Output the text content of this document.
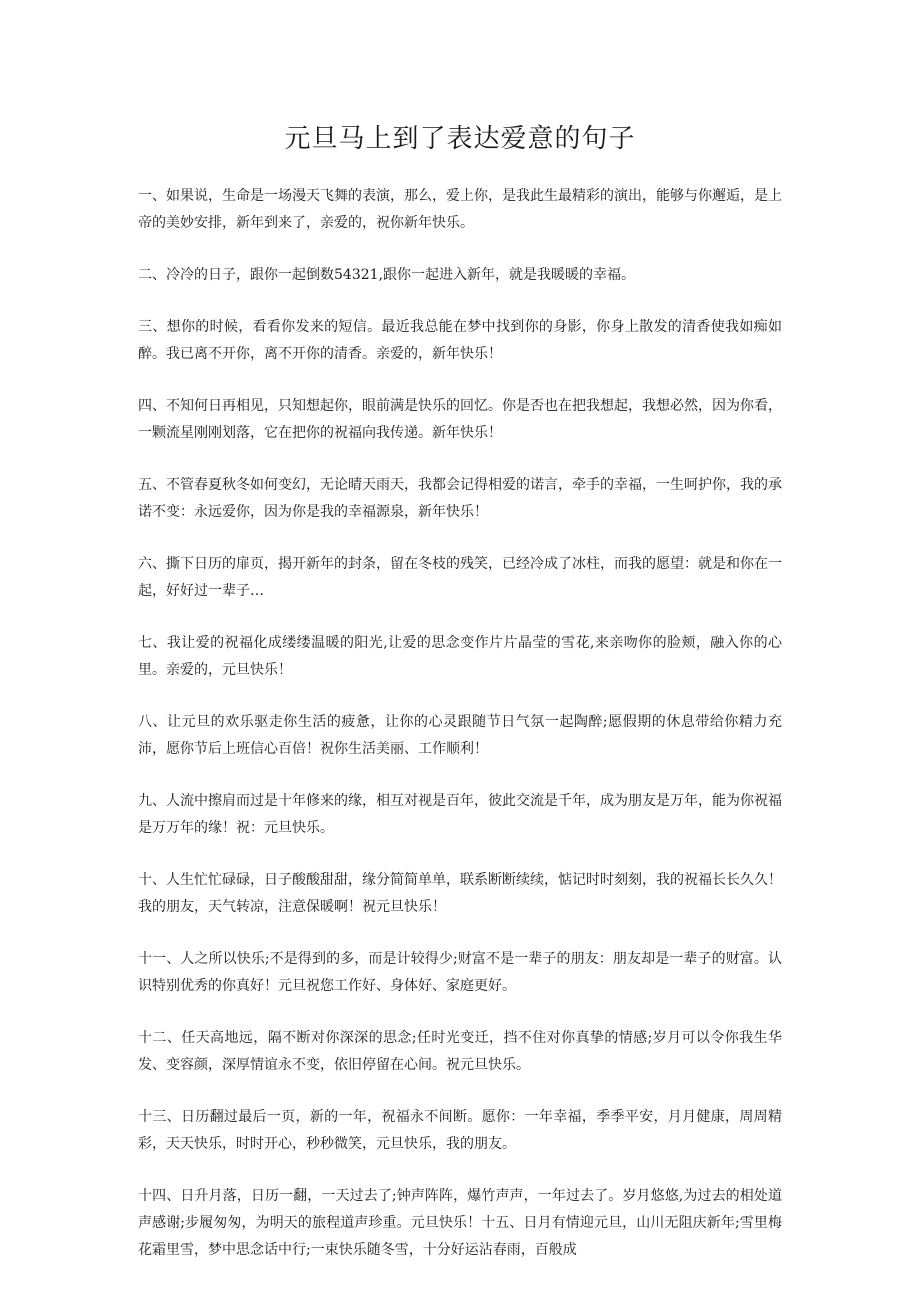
元旦马上到了表达爱意的句子

一、如果说，生命是一场漫天飞舞的表演，那么，爱上你，是我此生最精彩的演出，能够与你邂逅，是上帝的美妙安排，新年到来了，亲爱的，祝你新年快乐。

二、冷冷的日子，跟你一起倒数54321,跟你一起进入新年，就是我暖暖的幸福。

三、想你的时候，看看你发来的短信。最近我总能在梦中找到你的身影，你身上散发的清香使我如痴如醉。我已离不开你，离不开你的清香。亲爱的，新年快乐！

四、不知何日再相见，只知想起你，眼前满是快乐的回忆。你是否也在把我想起，我想必然，因为你看，一颗流星刚刚划落，它在把你的祝福向我传递。新年快乐！

五、不管春夏秋冬如何变幻，无论晴天雨天，我都会记得相爱的诺言，牵手的幸福，一生呵护你，我的承诺不变：永远爱你，因为你是我的幸福源泉，新年快乐！

六、撕下日历的扉页，揭开新年的封条，留在冬枝的残笑，已经冷成了冰柱，而我的愿望：就是和你在一起，好好过一辈子…

七、我让爱的祝福化成缕缕温暖的阳光,让爱的思念变作片片晶莹的雪花,来亲吻你的脸颊，融入你的心里。亲爱的，元旦快乐！

八、让元旦的欢乐驱走你生活的疲惫，让你的心灵跟随节日气氛一起陶醉;愿假期的休息带给你精力充沛，愿你节后上班信心百倍！祝你生活美丽、工作顺利！

九、人流中擦肩而过是十年修来的缘，相互对视是百年，彼此交流是千年，成为朋友是万年，能为你祝福是万万年的缘！祝：元旦快乐。

十、人生忙忙碌碌，日子酸酸甜甜，缘分简简单单，联系断断续续，惦记时时刻刻，我的祝福长长久久！我的朋友，天气转凉，注意保暖啊！祝元旦快乐！

十一、人之所以快乐;不是得到的多，而是计较得少;财富不是一辈子的朋友：朋友却是一辈子的财富。认识特别优秀的你真好！元旦祝您工作好、身体好、家庭更好。

十二、任天高地远，隔不断对你深深的思念;任时光变迁，挡不住对你真挚的情感;岁月可以令你我生华发、变容颜，深厚情谊永不变，依旧停留在心间。祝元旦快乐。

十三、日历翻过最后一页，新的一年，祝福永不间断。愿你：一年幸福，季季平安，月月健康，周周精彩，天天快乐，时时开心，秒秒微笑，元旦快乐，我的朋友。

十四、日升月落，日历一翻，一天过去了;钟声阵阵，爆竹声声，一年过去了。岁月悠悠,为过去的相处道声感谢;步履匆匆，为明天的旅程道声珍重。元旦快乐！十五、日月有情迎元旦，山川无阻庆新年;雪里梅花霜里雪，梦中思念话中行;一束快乐随冬雪，十分好运沾春雨，百般成
